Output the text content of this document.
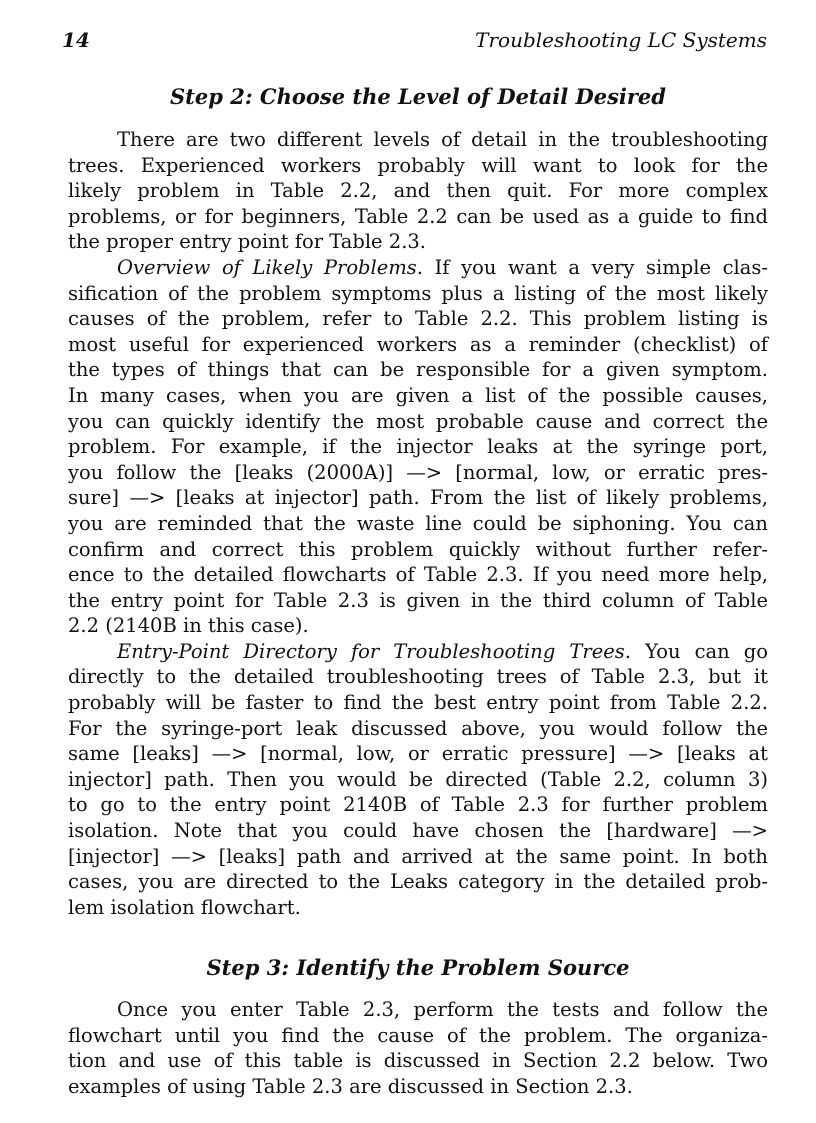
14	Troubleshooting LC Systems
Step 2: Choose the Level of Detail Desired
There are two different levels of detail in the troubleshooting
trees. Experienced workers probably will want to look for the
likely problem in Table 2.2, and then quit. For more complex
problems, or for beginners, Table 2.2 can be used as a guide to find
the proper entry point for Table 2.3.
Overview of Likely Problems. If you want a very simple clas-
sification of the problem symptoms plus a listing of the most likely
causes of the problem, refer to Table 2.2. This problem listing is
most useful for experienced workers as a reminder (checklist) of
the types of things that can be responsible for a given symptom.
In many cases, when you are given a list of the possible causes,
you can quickly identify the most probable cause and correct the
problem. For example, if the injector leaks at the syringe port,
you follow the [leaks (2000A)] —> [normal, low, or erratic pres-
sure] —> [leaks at injector] path. From the list of likely problems,
you are reminded that the waste line could be siphoning. You can
confirm and correct this problem quickly without further refer-
ence to the detailed flowcharts of Table 2.3. If you need more help,
the entry point for Table 2.3 is given in the third column of Table
2.2 (2140B in this case).
Entry-Point Directory for Troubleshooting Trees. You can go
directly to the detailed troubleshooting trees of Table 2.3, but it
probably will be faster to find the best entry point from Table 2.2.
For the syringe-port leak discussed above, you would follow the
same [leaks] —> [normal, low, or erratic pressure] —> [leaks at
injector] path. Then you would be directed (Table 2.2, column 3)
to go to the entry point 2140B of Table 2.3 for further problem
isolation. Note that you could have chosen the [hardware] —>
[injector] —> [leaks] path and arrived at the same point. In both
cases, you are directed to the Leaks category in the detailed prob-
lem isolation flowchart.
Step 3: Identify the Problem Source
Once you enter Table 2.3, perform the tests and follow the
flowchart until you find the cause of the problem. The organiza-
tion and use of this table is discussed in Section 2.2 below. Two
examples of using Table 2.3 are discussed in Section 2.3.
